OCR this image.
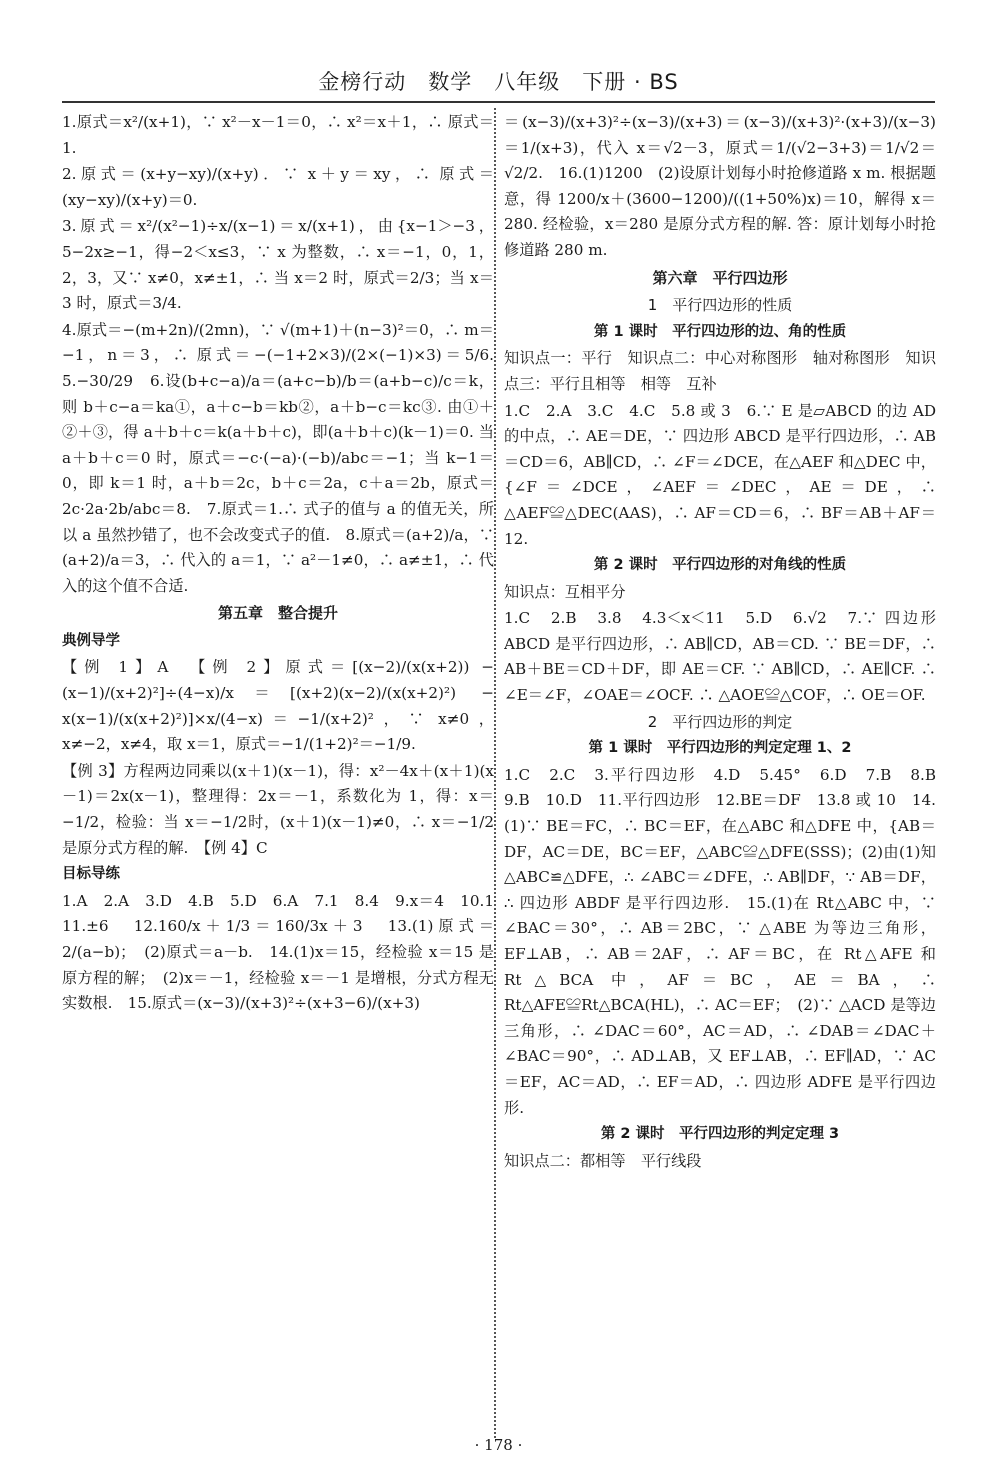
金榜行动　数学　八年级　下册 · BS

1.原式＝x²/(x+1)，∵ x²－x－1＝0，∴ x²＝x＋1，∴ 原式＝1.

2.原式＝(x+y−xy)/(x+y)．∵ x＋y＝xy，∴ 原式＝(xy−xy)/(x+y)＝0.

3.原式＝x²/(x²−1)÷x/(x−1)＝x/(x+1)，由{x−1＞−3，5−2x≥−1，得−2＜x≤3，∵ x 为整数，∴ x＝−1，0，1，2，3，又∵ x≠0，x≠±1，∴ 当 x＝2 时，原式＝2/3；当 x＝3 时，原式＝3/4.

4.原式＝−(m+2n)/(2mn)，∵ √(m+1)＋(n−3)²＝0，∴ m＝−1，n＝3，∴ 原式＝−(−1+2×3)/(2×(−1)×3)＝5/6.　5.−30/29　6.设(b+c−a)/a＝(a+c−b)/b＝(a+b−c)/c＝k，则 b＋c−a＝ka①，a＋c−b＝kb②，a＋b−c＝kc③. 由①＋②＋③，得 a＋b＋c＝k(a＋b＋c)，即(a＋b＋c)(k－1)＝0. 当 a＋b＋c＝0 时，原式＝−c·(−a)·(−b)/abc＝−1；当 k−1＝0，即 k＝1 时，a＋b＝2c，b＋c＝2a，c＋a＝2b，原式＝2c·2a·2b/abc＝8.　7.原式＝1.∴ 式子的值与 a 的值无关，所以 a 虽然抄错了，也不会改变式子的值.　8.原式＝(a+2)/a，∵ (a+2)/a＝3，∴ 代入的 a＝1，∵ a²－1≠0，∴ a≠±1，∴ 代入的这个值不合适.

第五章　整合提升

典例导学

【例 1】A　【例 2】原式＝[(x−2)/(x(x+2)) − (x−1)/(x+2)²]÷(4−x)/x＝[(x+2)(x−2)/(x(x+2)²) − x(x−1)/(x(x+2)²)]×x/(4−x)＝−1/(x+2)²，∵ x≠0，x≠−2，x≠4，取 x＝1，原式＝−1/(1+2)²＝−1/9.

【例 3】方程两边同乘以(x＋1)(x－1)，得：x²－4x＋(x＋1)(x－1)＝2x(x－1)，整理得：2x＝－1，系数化为 1，得：x＝−1/2，检验：当 x＝−1/2时，(x＋1)(x－1)≠0，∴ x＝−1/2是原分式方程的解.　【例 4】C

目标导练

1.A　2.A　3.D　4.B　5.D　6.A　7.1　8.4　9.x＝4　10.1　11.±6　12.160/x＋1/3＝160/3x＋3　13.(1)原式＝2/(a−b)；　(2)原式＝a－b.　14.(1)x＝15，经检验 x＝15 是原方程的解；　(2)x＝－1，经检验 x＝－1 是增根，分式方程无实数根.　15.原式＝(x−3)/(x+3)²÷(x+3−6)/(x+3)

＝(x−3)/(x+3)²÷(x−3)/(x+3)＝(x−3)/(x+3)²·(x+3)/(x−3)＝1/(x+3)，代入 x＝√2－3，原式＝1/(√2−3+3)＝1/√2＝√2/2.　16.(1)1200　(2)设原计划每小时抢修道路 x m. 根据题意，得 1200/x＋(3600−1200)/((1+50%)x)＝10，解得 x＝280. 经检验，x＝280 是原分式方程的解. 答：原计划每小时抢修道路 280 m.

第六章　平行四边形

1　平行四边形的性质

第 1 课时　平行四边形的边、角的性质

知识点一：平行　知识点二：中心对称图形　轴对称图形　知识点三：平行且相等　相等　互补

1.C　2.A　3.C　4.C　5.8 或 3　6.∵ E 是▱ABCD 的边 AD 的中点，∴ AE＝DE，∵ 四边形 ABCD 是平行四边形，∴ AB＝CD＝6，AB∥CD，∴ ∠F＝∠DCE，在△AEF 和△DEC 中，{∠F＝∠DCE，∠AEF＝∠DEC，AE＝DE，∴ △AEF≌△DEC(AAS)，∴ AF＝CD＝6，∴ BF＝AB＋AF＝12.

第 2 课时　平行四边形的对角线的性质

知识点：互相平分

1.C　2.B　3.8　4.3＜x＜11　5.D　6.√2　7.∵ 四边形 ABCD 是平行四边形，∴ AB∥CD，AB＝CD. ∵ BE＝DF，∴ AB＋BE＝CD＋DF，即 AE＝CF. ∵ AB∥CD，∴ AE∥CF. ∴ ∠E＝∠F，∠OAE＝∠OCF. ∴ △AOE≌△COF，∴ OE＝OF.

2　平行四边形的判定

第 1 课时　平行四边形的判定定理 1、2

1.C　2.C　3.平行四边形　4.D　5.45°　6.D　7.B　8.B　9.B　10.D　11.平行四边形　12.BE＝DF　13.8 或 10　14.(1)∵ BE＝FC，∴ BC＝EF，在△ABC 和△DFE 中，{AB＝DF，AC＝DE，BC＝EF，△ABC≌△DFE(SSS)；(2)由(1)知△ABC≌△DFE，∴ ∠ABC＝∠DFE，∴ AB∥DF，∵ AB＝DF，∴ 四边形 ABDF 是平行四边形.　15.(1)在 Rt△ABC 中，∵ ∠BAC＝30°，∴ AB＝2BC，∵ △ABE 为等边三角形，EF⊥AB，∴ AB＝2AF，∴ AF＝BC，在 Rt△AFE 和 Rt△BCA 中，AF＝BC，AE＝BA，∴ Rt△AFE≌Rt△BCA(HL)，∴ AC＝EF；　(2)∵ △ACD 是等边三角形，∴ ∠DAC＝60°，AC＝AD，∴ ∠DAB＝∠DAC＋∠BAC＝90°，∴ AD⊥AB，又 EF⊥AB，∴ EF∥AD，∵ AC＝EF，AC＝AD，∴ EF＝AD，∴ 四边形 ADFE 是平行四边形.

第 2 课时　平行四边形的判定定理 3

知识点二：都相等　平行线段

· 178 ·
